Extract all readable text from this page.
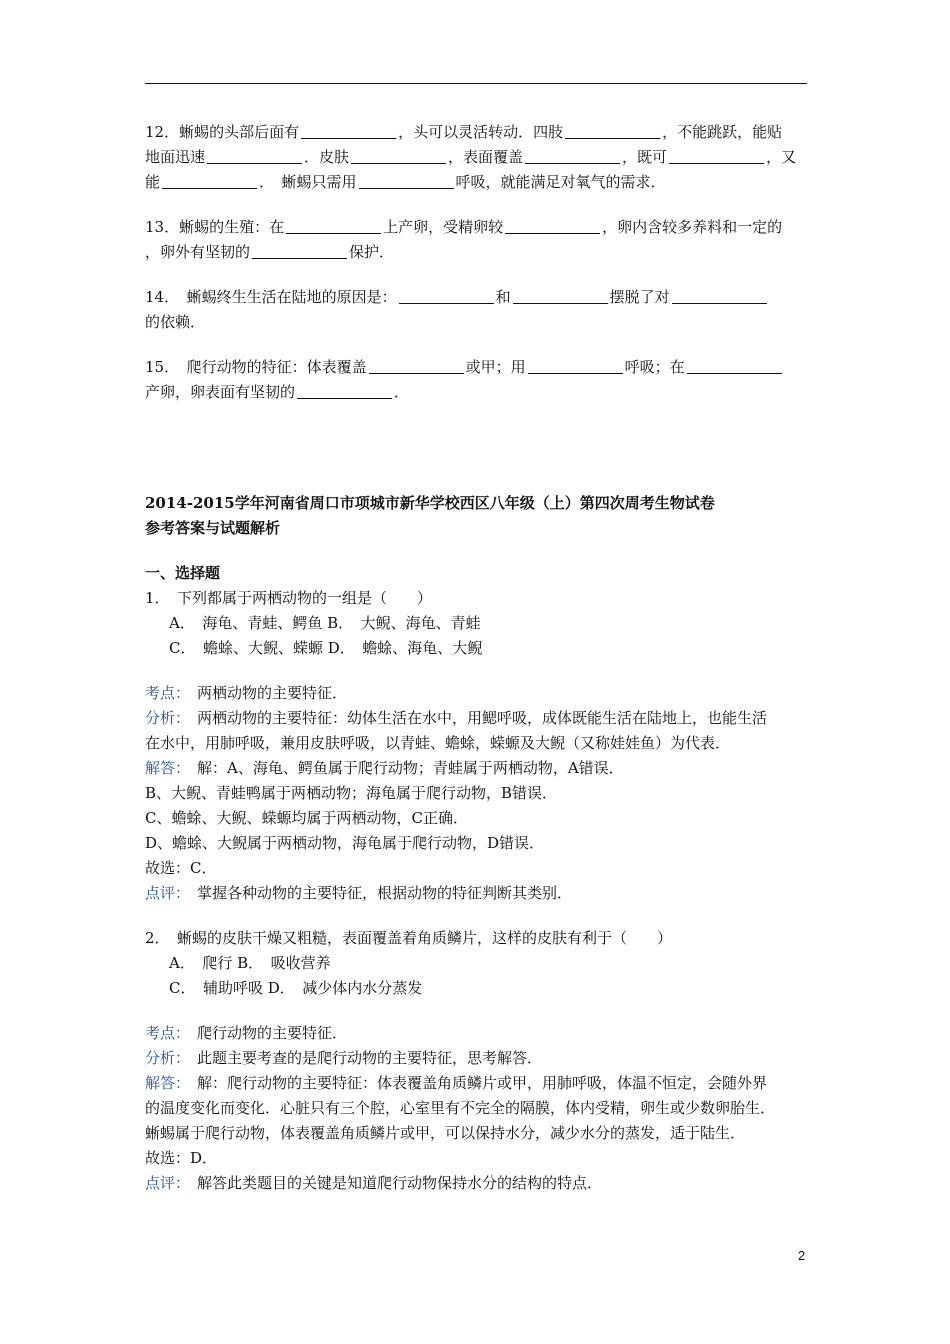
12．蜥蜴的头部后面有	，头可以灵活转动．四肢	，不能跳跃，能贴
地面迅速	．皮肤	，表面覆盖	，既可	，又
能	．　蜥蜴只需用	呼吸，就能满足对氧气的需求．
13．蜥蜴的生殖：在	上产卵，受精卵较	，卵内含较多养料和一定的
，卵外有坚韧的	保护．
14．　蜥蜴终生生活在陆地的原因是：	和	摆脱了对
的依赖．
15．　爬行动物的特征：体表覆盖	或甲；用	呼吸；在
产卵，卵表面有坚韧的	．
2014-2015学年河南省周口市项城市新华学校西区八年级（上）第四次周考生物试卷
参考答案与试题解析
一、选择题
1．　下列都属于两栖动物的一组是（　　）
A．　海龟、青蛙、鳄鱼 B．　大鲵、海龟、青蛙
C．　蟾蜍、大鲵、蝾螈 D．　蟾蜍、海龟、大鲵
考点： 两栖动物的主要特征．
分析： 两栖动物的主要特征：幼体生活在水中，用鳃呼吸，成体既能生活在陆地上，也能生活
在水中，用肺呼吸，兼用皮肤呼吸，以青蛙、蟾蜍，蝾螈及大鲵（又称娃娃鱼）为代表．
解答： 解：A、海龟、鳄鱼属于爬行动物；青蛙属于两栖动物，A错误．
B、大鲵、青蛙鸭属于两栖动物；海龟属于爬行动物，B错误．
C、蟾蜍、大鲵、蝾螈均属于两栖动物，C正确．
D、蟾蜍、大鲵属于两栖动物，海龟属于爬行动物，D错误．
故选：C．
点评： 掌握各种动物的主要特征，根据动物的特征判断其类别．
2．　蜥蜴的皮肤干燥又粗糙，表面覆盖着角质鳞片，这样的皮肤有利于（　　）
A．　爬行 B．　吸收营养
C．　辅助呼吸 D．　减少体内水分蒸发
考点： 爬行动物的主要特征．
分析： 此题主要考查的是爬行动物的主要特征，思考解答．
解答： 解：爬行动物的主要特征：体表覆盖角质鳞片或甲，用肺呼吸，体温不恒定，会随外界
的温度变化而变化．心脏只有三个腔，心室里有不完全的隔膜，体内受精，卵生或少数卵胎生．
蜥蜴属于爬行动物，体表覆盖角质鳞片或甲，可以保持水分，减少水分的蒸发，适于陆生．
故选：D．
点评： 解答此类题目的关键是知道爬行动物保持水分的结构的特点．
2
